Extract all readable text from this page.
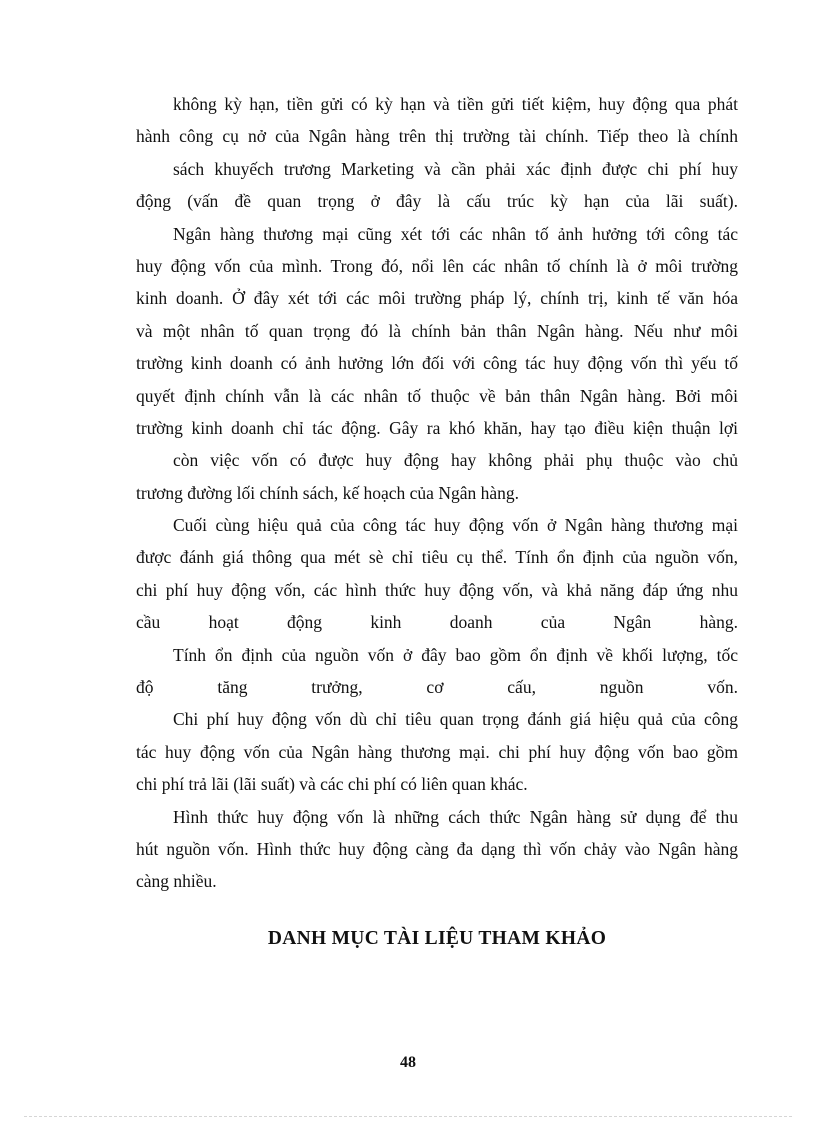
không kỳ hạn, tiền gửi có kỳ hạn và tiền gửi tiết kiệm, huy động qua phát
hành công cụ nở của Ngân hàng trên thị trường tài chính. Tiếp theo là chính
sách khuyếch trương Marketing và cần phải xác định được chi phí huy
động (vấn đề quan trọng ở đây là cấu trúc kỳ hạn của lãi suất).
Ngân hàng thương mại cũng xét tới các nhân tố ảnh hưởng tới công tác
huy động vốn của mình. Trong đó, nổi lên các nhân tố chính là ở môi trường
kinh doanh. Ở đây xét tới các môi trường pháp lý, chính trị, kinh tế văn hóa
và một nhân tố quan trọng đó là chính bản thân Ngân hàng. Nếu như môi
trường kinh doanh có ảnh hưởng lớn đối với công tác huy động vốn thì yếu tố
quyết định chính vẫn là các nhân tố thuộc về bản thân Ngân hàng. Bởi môi
trường kinh doanh chỉ tác động. Gây ra khó khăn, hay tạo điều kiện thuận lợi
còn việc vốn có được huy động hay không phải phụ thuộc vào chủ
trương đường lối chính sách, kế hoạch của Ngân hàng.
Cuối cùng hiệu quả của công tác huy động vốn ở Ngân hàng thương mại
được đánh giá thông qua mét sè chỉ tiêu cụ thể. Tính ổn định của nguồn vốn,
chi phí huy động vốn, các hình thức huy động vốn, và khả năng đáp ứng nhu
cầu hoạt động kinh doanh của Ngân hàng.
Tính ổn định của nguồn vốn ở đây bao gồm ổn định về khối lượng, tốc
độ tăng trưởng, cơ cấu, nguồn vốn.
Chi phí huy động vốn dù chỉ tiêu quan trọng đánh giá hiệu quả của công
tác huy động vốn của Ngân hàng thương mại. chi phí huy động vốn bao gồm
chi phí trả lãi (lãi suất) và các chi phí có liên quan khác.
Hình thức huy động vốn là những cách thức Ngân hàng sử dụng để thu
hút nguồn vốn. Hình thức huy động càng đa dạng thì vốn chảy vào Ngân hàng
càng nhiều.
DANH MỤC TÀI LIỆU THAM KHẢO
48
